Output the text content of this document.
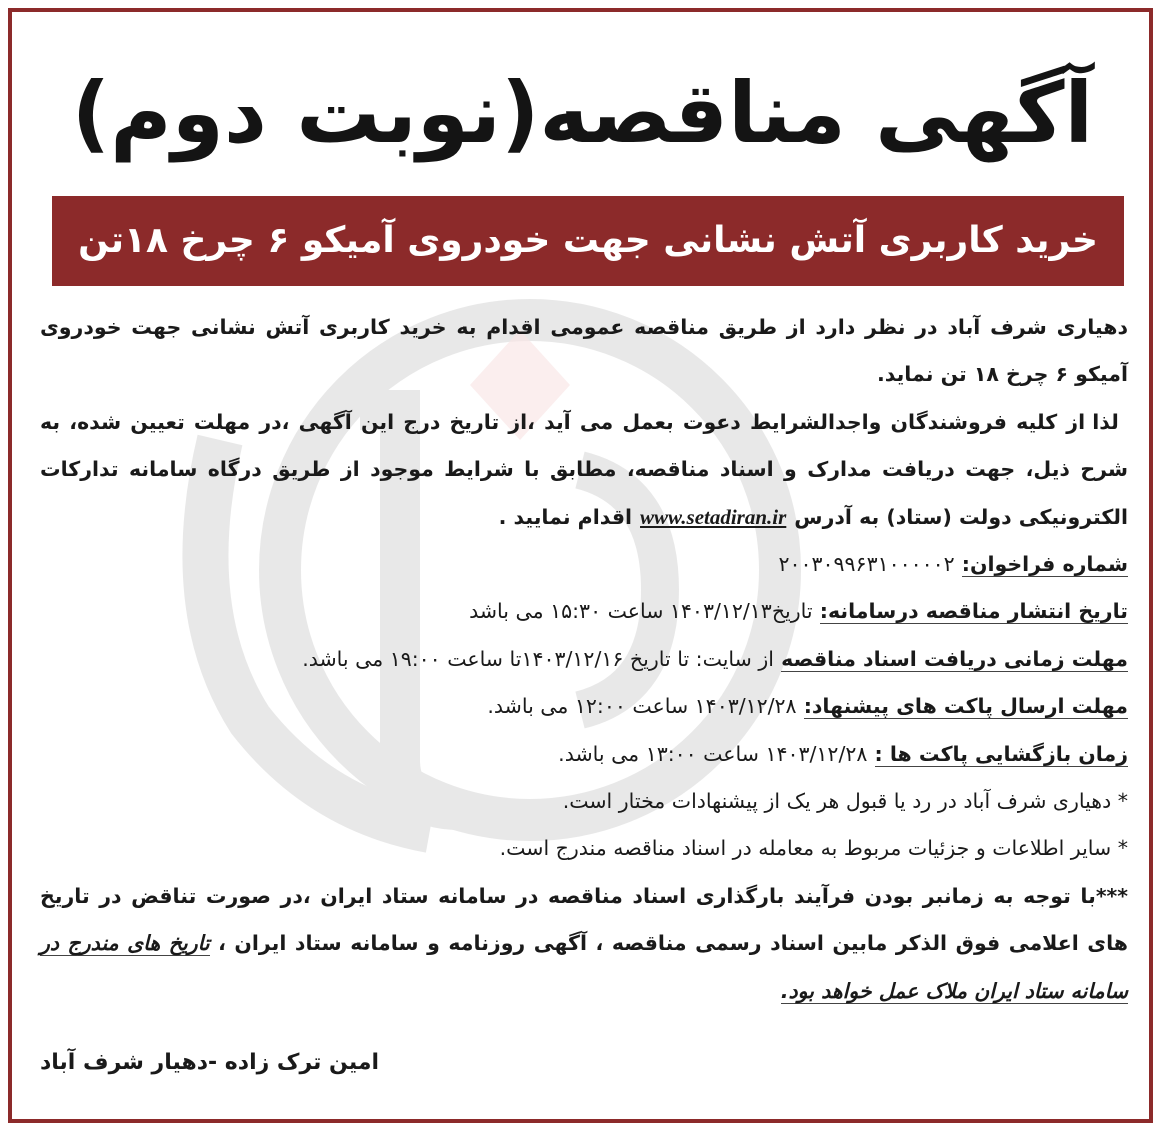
آگهی مناقصه(نوبت دوم)
خرید کاربری آتش نشانی جهت خودروی آمیکو ۶ چرخ ۱۸تن

دهیاری شرف آباد در نظر دارد از طریق مناقصه عمومی اقدام به خرید کاربری آتش نشانی جهت خودروی آمیکو ۶ چرخ ۱۸ تن نماید.

لذا از کلیه فروشندگان واجدالشرایط دعوت بعمل می آید ،از تاریخ درج این آگهی ،در مهلت تعیین شده، به شرح ذیل، جهت دریافت مدارک و اسناد مناقصه، مطابق با شرایط موجود از طریق درگاه سامانه تدارکات الکترونیکی دولت (ستاد) به آدرسwww.setadiran.irاقدام نمایید .

شماره فراخوان: ۲۰۰۳۰۹۹۶۳۱۰۰۰۰۰۲

تاریخ انتشار مناقصه درسامانه: تاریخ۱۴۰۳/۱۲/۱۳ ساعت ۱۵:۳۰ می باشد

مهلت زمانی دریافت اسناد مناقصه از سایت: تا تاریخ ۱۴۰۳/۱۲/۱۶تا ساعت ۱۹:۰۰ می باشد.

مهلت ارسال پاکت های پیشنهاد: ۱۴۰۳/۱۲/۲۸ ساعت ۱۲:۰۰ می باشد.

زمان بازگشایی پاکت ها : ۱۴۰۳/۱۲/۲۸ ساعت ۱۳:۰۰ می باشد.

* دهیاری شرف آباد در رد یا قبول هر یک از پیشنهادات مختار است.

* سایر اطلاعات و جزئیات مربوط به معامله در اسناد مناقصه مندرج است.

***با توجه به زمانبر بودن فرآیند بارگذاری اسناد مناقصه در سامانه ستاد ایران ،در صورت تناقض در تاریخ های اعلامی فوق الذکر مابین اسناد رسمی مناقصه ، آگهی روزنامه و سامانه ستاد ایران ، تاریخ های مندرج در سامانه ستاد ایران ملاک عمل خواهد بود.

امین ترک زاده -دهیار شرف آباد
